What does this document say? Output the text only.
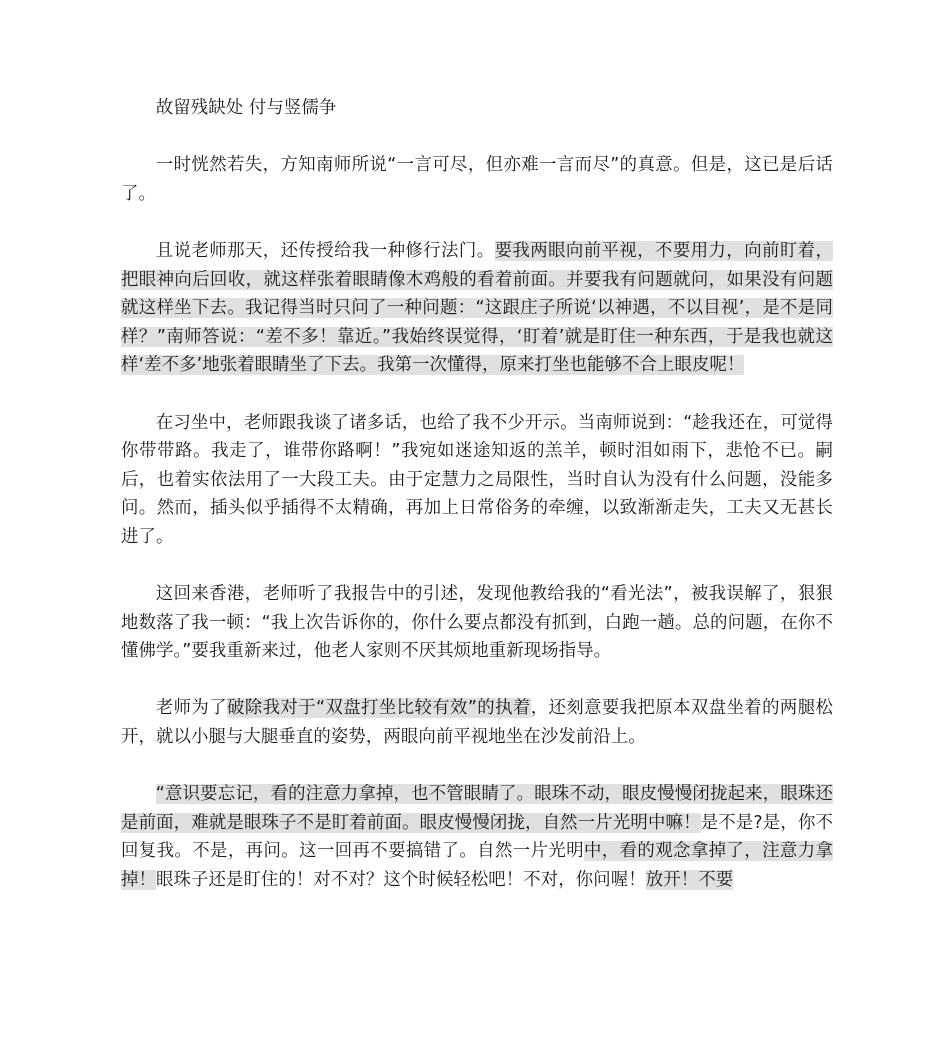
故留残缺处 付与竖儒争

一时恍然若失，方知南师所说“一言可尽，但亦难一言而尽”的真意。但是，这已是后话了。

且说老师那天，还传授给我一种修行法门。要我两眼向前平视，不要用力，向前盯着，把眼神向后回收，就这样张着眼睛像木鸡般的看着前面。并要我有问题就问，如果没有问题就这样坐下去。我记得当时只问了一种问题：“这跟庄子所说‘以神遇，不以目视’，是不是同样？”南师答说：“差不多！靠近。”我始终误觉得，‘盯着’就是盯住一种东西，于是我也就这样‘差不多’地张着眼睛坐了下去。我第一次懂得，原来打坐也能够不合上眼皮呢！

在习坐中，老师跟我谈了诸多话，也给了我不少开示。当南师说到：“趁我还在，可觉得你带带路。我走了，谁带你路啊！”我宛如迷途知返的羔羊，顿时泪如雨下，悲怆不已。嗣后，也着实依法用了一大段工夫。由于定慧力之局限性，当时自认为没有什么问题，没能多问。然而，插头似乎插得不太精确，再加上日常俗务的牵缠，以致渐渐走失，工夫又无甚长进了。

这回来香港，老师听了我报告中的引述，发现他教给我的“看光法”，被我误解了，狠狠地数落了我一顿：“我上次告诉你的，你什么要点都没有抓到，白跑一趟。总的问题，在你不懂佛学。”要我重新来过，他老人家则不厌其烦地重新现场指导。

老师为了破除我对于“双盘打坐比较有效”的执着，还刻意要我把原本双盘坐着的两腿松开，就以小腿与大腿垂直的姿势，两眼向前平视地坐在沙发前沿上。

“意识要忘记，看的注意力拿掉，也不管眼睛了。眼珠不动，眼皮慢慢闭拢起来，眼珠还是前面，难就是眼珠子不是盯着前面。眼皮慢慢闭拢，自然一片光明中嘛！是不是?是，你不回复我。不是，再问。这一回再不要搞错了。自然一片光明中，看的观念拿掉了，注意力拿掉！眼珠子还是盯住的！对不对？这个时候轻松吧！不对，你问喔！放开！不要
